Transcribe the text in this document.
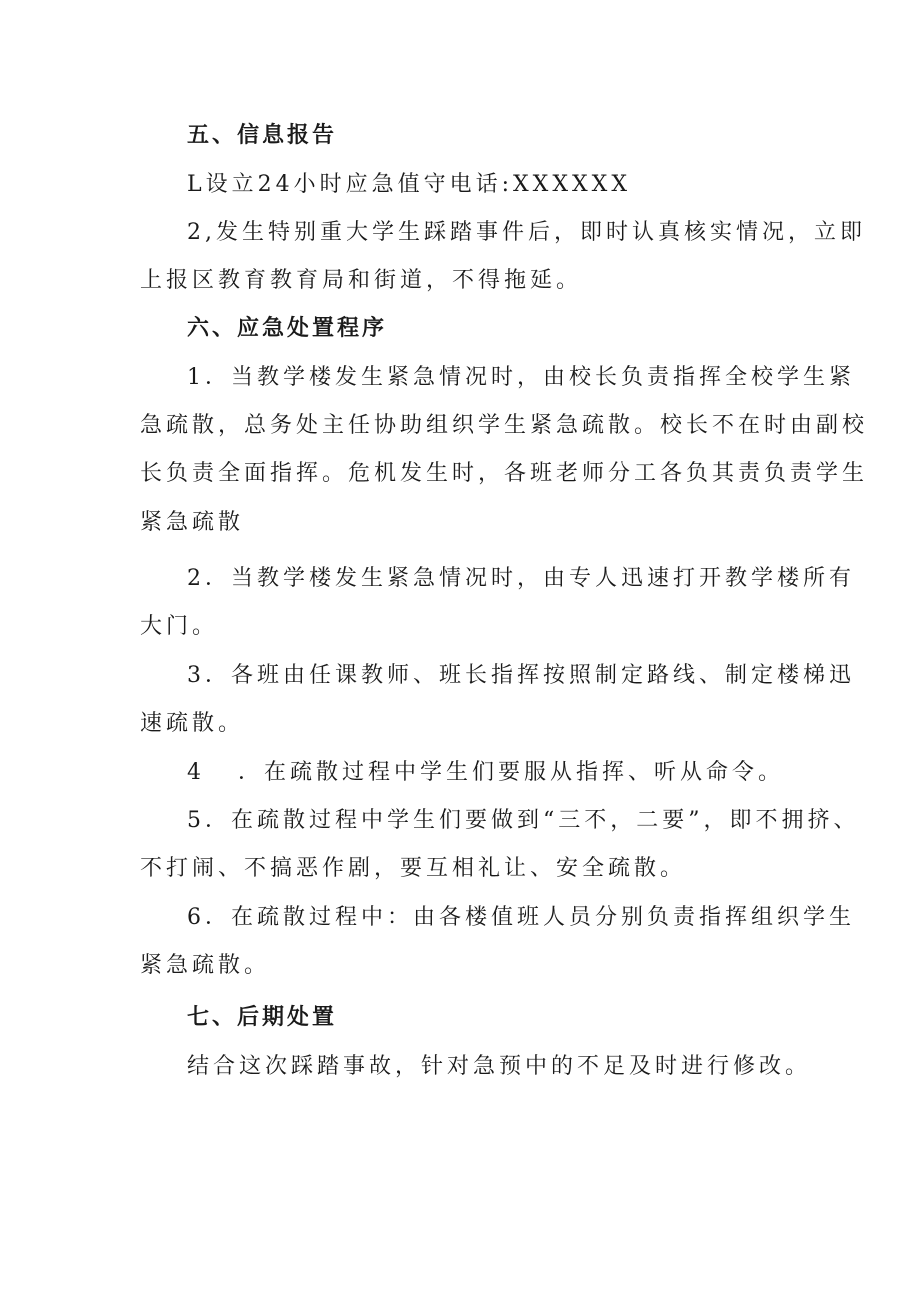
五、信息报告
L设立24小时应急值守电话:XXXXXX
2,发生特别重大学生踩踏事件后，即时认真核实情况，立即
上报区教育教育局和街道，不得拖延。
六、应急处置程序
1．当教学楼发生紧急情况时，由校长负责指挥全校学生紧
急疏散，总务处主任协助组织学生紧急疏散。校长不在时由副校
长负责全面指挥。危机发生时，各班老师分工各负其责负责学生
紧急疏散
2．当教学楼发生紧急情况时，由专人迅速打开教学楼所有
大门。
3．各班由任课教师、班长指挥按照制定路线、制定楼梯迅
速疏散。
4 ．在疏散过程中学生们要服从指挥、听从命令。
5．在疏散过程中学生们要做到“三不，二要”，即不拥挤、
不打闹、不搞恶作剧，要互相礼让、安全疏散。
6．在疏散过程中：由各楼值班人员分别负责指挥组织学生
紧急疏散。
七、后期处置
结合这次踩踏事故，针对急预中的不足及时进行修改。
